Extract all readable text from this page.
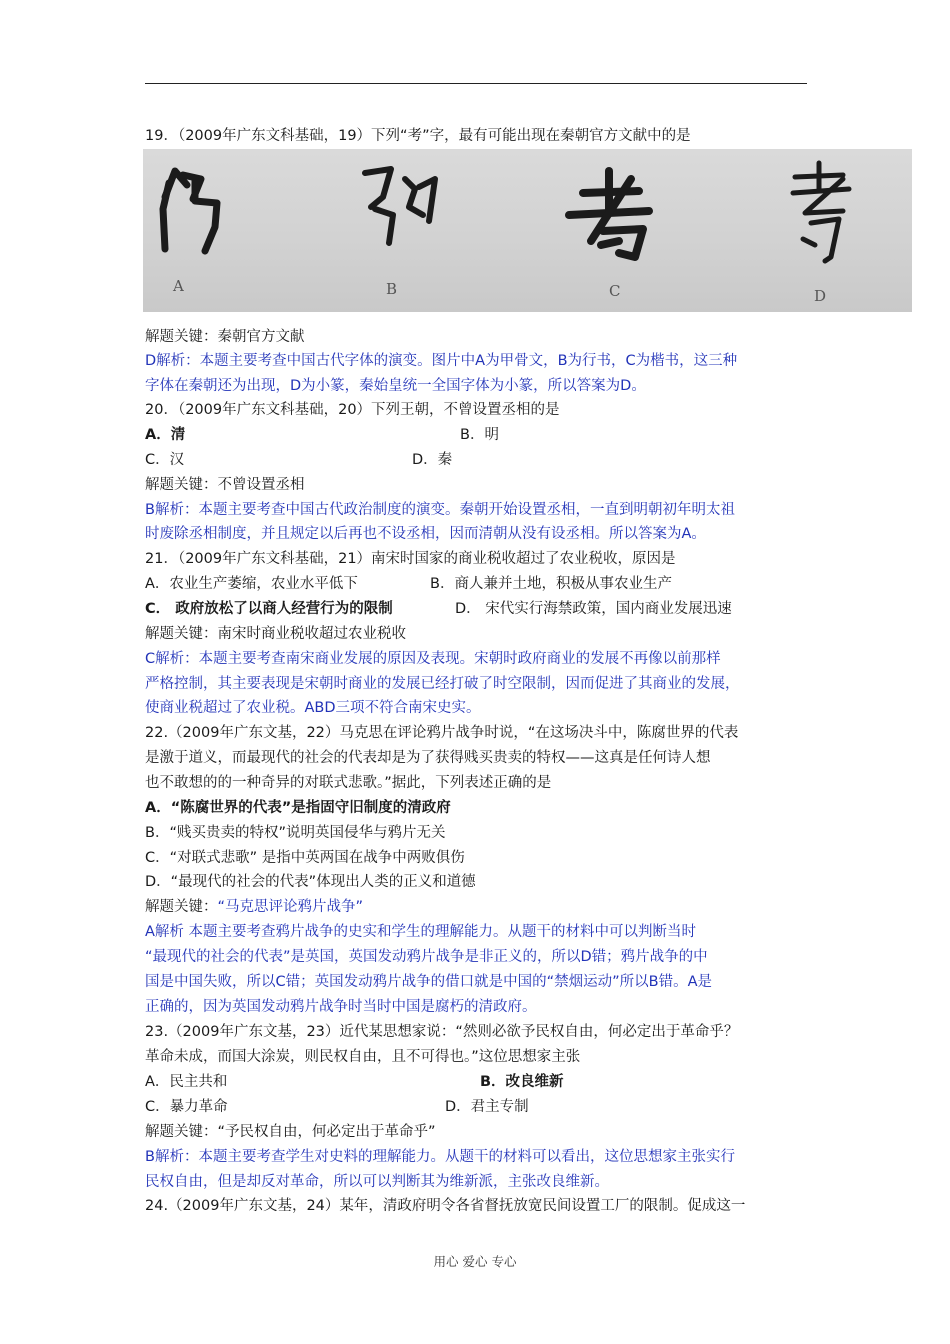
19．（2009年广东文科基础，19）下列“考”字，最有可能出现在秦朝官方文献中的是
A	B	C	D
解题关键：秦朝官方文献
D解析：本题主要考查中国古代字体的演变。图片中A为甲骨文，B为行书，C为楷书，这三种
字体在秦朝还为出现，D为小篆，秦始皇统一全国字体为小篆，所以答案为D。
20．（2009年广东文科基础，20）下列王朝，不曾设置丞相的是
A．清	B．明
C．汉	D．秦
解题关键：不曾设置丞相
B解析：本题主要考查中国古代政治制度的演变。秦朝开始设置丞相，一直到明朝初年明太祖
时废除丞相制度，并且规定以后再也不设丞相，因而清朝从没有设丞相。所以答案为A。
21．（2009年广东文科基础，21）南宋时国家的商业税收超过了农业税收，原因是
A．农业生产萎缩，农业水平低下	B．商人兼并土地，积极从事农业生产
C． 政府放松了以商人经营行为的限制	D． 宋代实行海禁政策，国内商业发展迅速
解题关键：南宋时商业税收超过农业税收
C解析：本题主要考查南宋商业发展的原因及表现。宋朝时政府商业的发展不再像以前那样
严格控制，其主要表现是宋朝时商业的发展已经打破了时空限制，因而促进了其商业的发展，
使商业税超过了农业税。ABD三项不符合南宋史实。
22.（2009年广东文基，22）马克思在评论鸦片战争时说，“在这场决斗中，陈腐世界的代表
是激于道义，而最现代的社会的代表却是为了获得贱买贵卖的特权——这真是任何诗人想
也不敢想的的一种奇异的对联式悲歌。”据此，下列表述正确的是
A．“陈腐世界的代表”是指固守旧制度的清政府
B．“贱买贵卖的特权”说明英国侵华与鸦片无关
C．“对联式悲歌” 是指中英两国在战争中两败俱伤
D．“最现代的社会的代表”体现出人类的正义和道德
解题关键：“马克思评论鸦片战争”
A解析 本题主要考查鸦片战争的史实和学生的理解能力。从题干的材料中可以判断当时
“最现代的社会的代表”是英国，英国发动鸦片战争是非正义的，所以D错；鸦片战争的中
国是中国失败，所以C错；英国发动鸦片战争的借口就是中国的“禁烟运动”所以B错。A是
正确的，因为英国发动鸦片战争时当时中国是腐朽的清政府。
23.（2009年广东文基，23）近代某思想家说：“然则必欲予民权自由，何必定出于革命乎？
革命未成，而国大涂炭，则民权自由，且不可得也。”这位思想家主张
A．民主共和	B．改良维新
C．暴力革命	D．君主专制
解题关键：“予民权自由，何必定出于革命乎”
B解析：本题主要考查学生对史料的理解能力。从题干的材料可以看出，这位思想家主张实行
民权自由，但是却反对革命，所以可以判断其为维新派，主张改良维新。
24.（2009年广东文基，24）某年，清政府明令各省督抚放宽民间设置工厂的限制。促成这一
用心 爱心 专心
